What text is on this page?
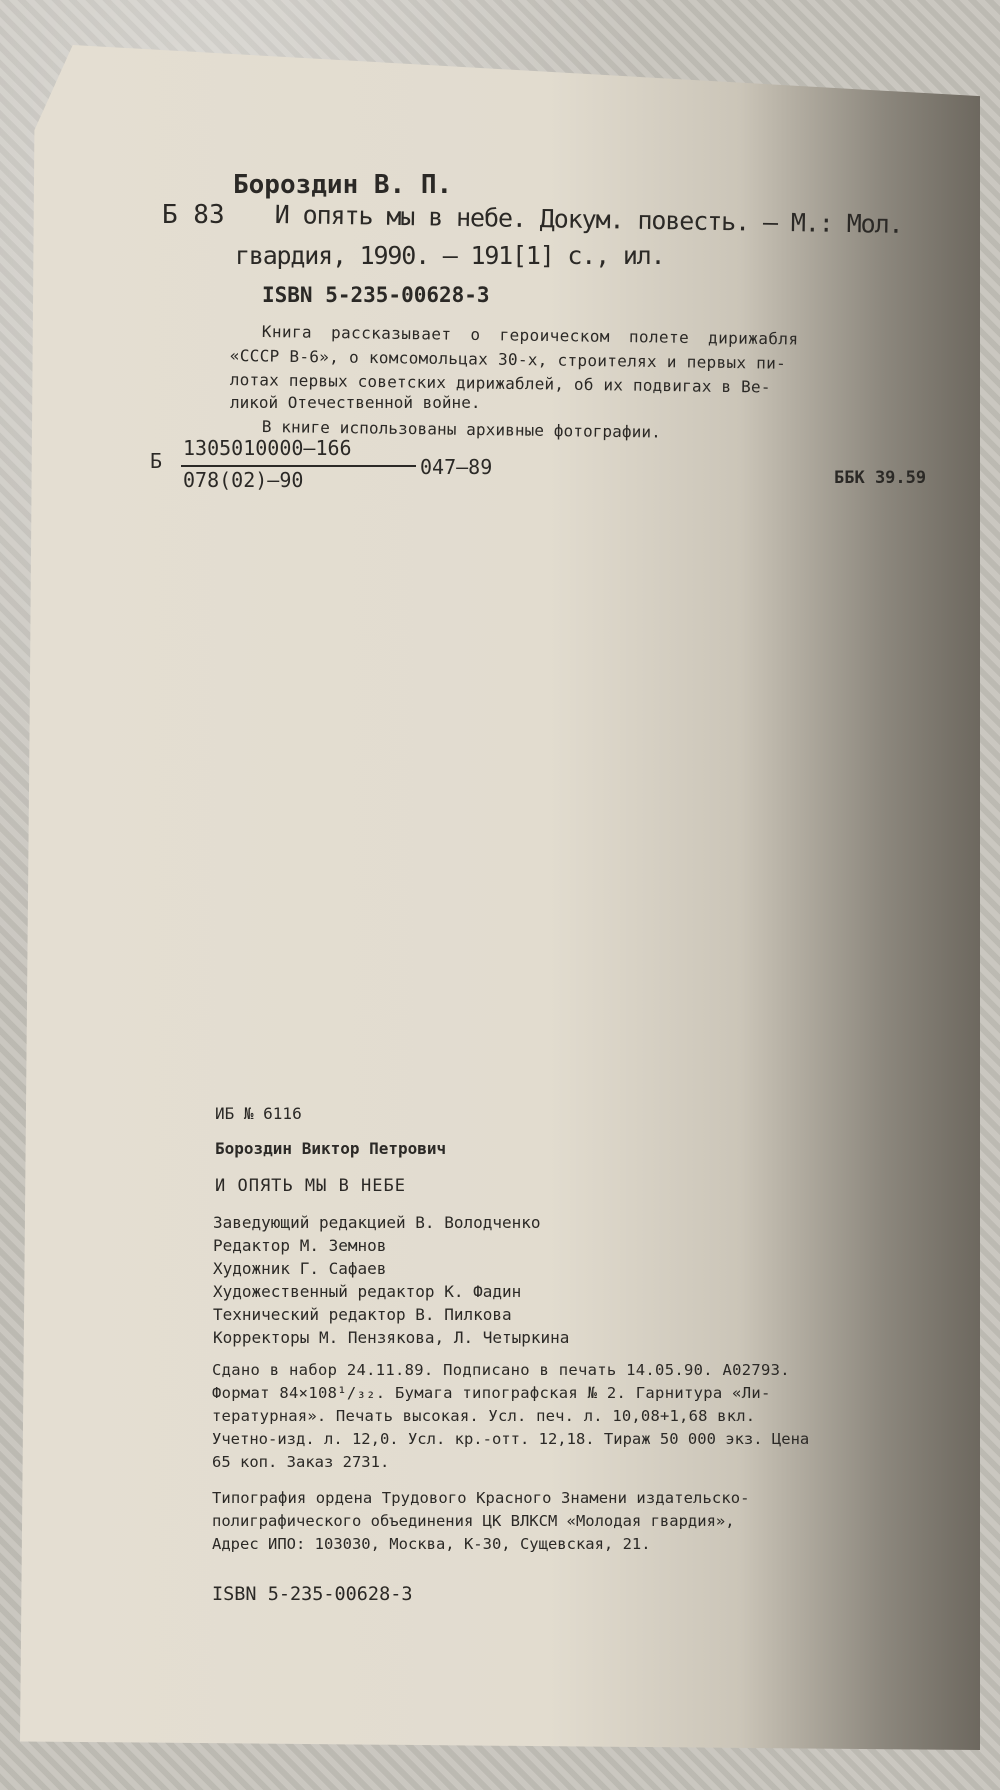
Бороздин В. П.
Б 83 И опять мы в небе. Докум. повесть. — М.: Мол.
гвардия, 1990. — 191[1] с., ил.
ISBN 5-235-00628-3
Книга рассказывает о героическом полете дирижабля
«СССР В-6», о комсомольцах 30-х, строителях и первых пи-
лотах первых советских дирижаблей, об их подвигах в Ве-
ликой Отечественной войне.
В книге использованы архивные фотографии.
Б
1305010000—166
047—89
078(02)—90	ББК 39.59
ИБ № 6116
Бороздин Виктор Петрович
И ОПЯТЬ МЫ В НЕБЕ
Заведующий редакцией В. Володченко
Редактор М. Земнов
Художник Г. Сафаев
Художественный редактор К. Фадин
Технический редактор В. Пилкова
Корректоры М. Пензякова, Л. Четыркина
Сдано в набор 24.11.89. Подписано в печать 14.05.90. А02793.
Формат 84×108¹/₃₂. Бумага типографская № 2. Гарнитура «Ли-
тературная». Печать высокая. Усл. печ. л. 10,08+1,68 вкл.
Учетно-изд. л. 12,0. Усл. кр.-отт. 12,18. Тираж 50 000 экз. Цена
65 коп. Заказ 2731.
Типография ордена Трудового Красного Знамени издательско-
полиграфического объединения ЦК ВЛКСМ «Молодая гвардия»,
Адрес ИПО: 103030, Москва, К-30, Сущевская, 21.
ISBN 5-235-00628-3
